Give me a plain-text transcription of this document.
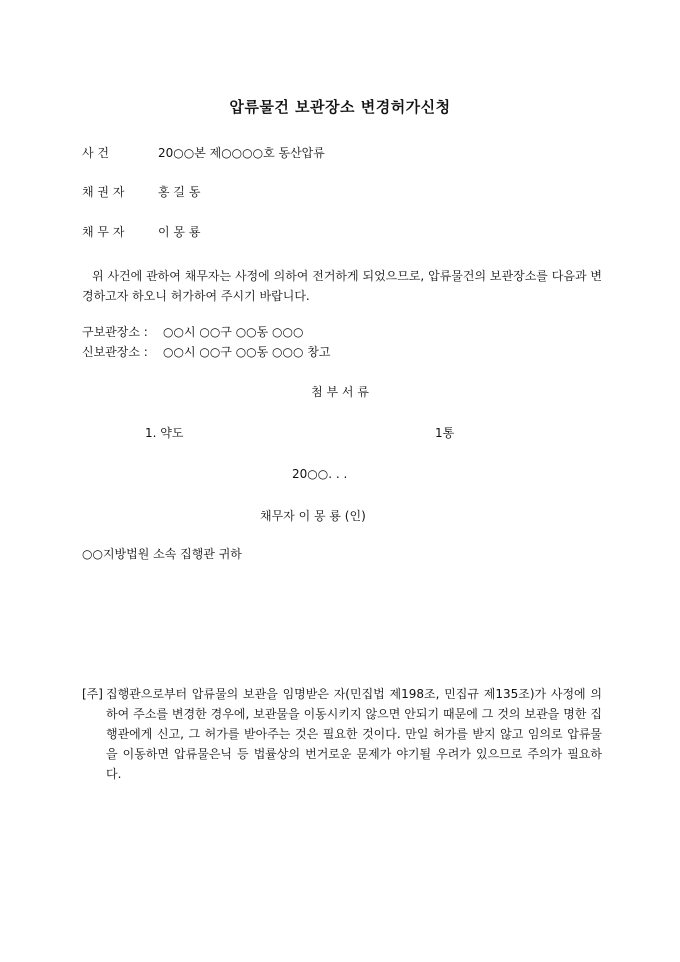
압류물건 보관장소 변경허가신청
사 건	20○○본 제○○○○호 동산압류
채 권 자	홍 길 동
채 무 자	이 몽 룡
위 사건에 관하여 채무자는 사정에 의하여 전거하게 되었으므로, 압류물건의 보관장소를 다음과 변경하고자 하오니 허가하여 주시기 바랍니다.
구보관장소 : ○○시 ○○구 ○○동 ○○○
신보관장소 : ○○시 ○○구 ○○동 ○○○ 창고
첨 부 서 류
1. 약도	1통
20○○. . .
채무자 이 몽 룡 (인)
○○지방법원 소속 집행관 귀하
[주] 집행관으로부터 압류물의 보관을 임명받은 자(민집법 제198조, 민집규 제135조)가 사정에 의하여 주소를 변경한 경우에, 보관물을 이동시키지 않으면 안되기 때문에 그 것의 보관을 명한 집행관에게 신고, 그 허가를 받아주는 것은 필요한 것이다. 만일 허가를 받지 않고 임의로 압류물을 이동하면 압류물은닉 등 법률상의 번거로운 문제가 야기될 우려가 있으므로 주의가 필요하다.
